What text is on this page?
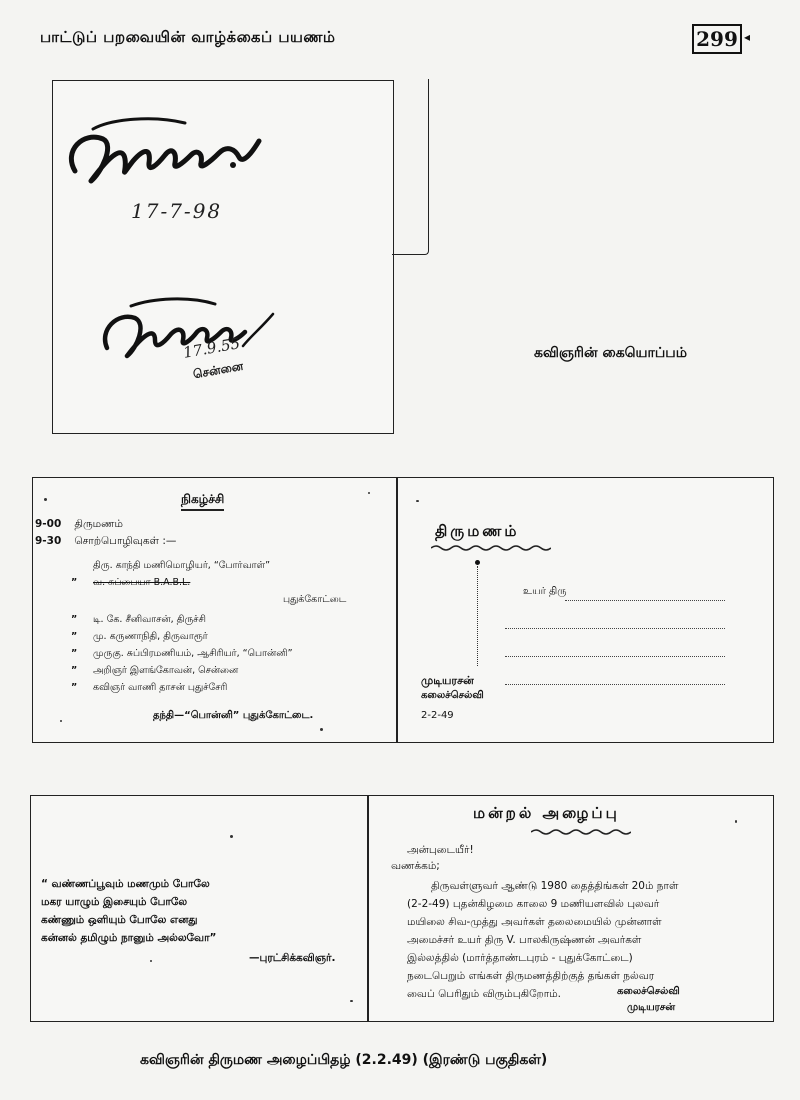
பாட்டுப் பறவையின் வாழ்க்கைப் பயணம்	299 ◂
17-7-98
17.9.55
சென்னை
கவிஞரின் கையொப்பம்
நிகழ்ச்சி
9-00 திருமணம்
9-30 சொற்பொழிவுகள் :—
திரு. காந்தி மணிமொழியர், “போர்வாள்”
” வ. சுப்பையா B.A.B.L.
புதுக்கோட்டை
” டி. கே. சீனிவாசன், திருச்சி
” மு. கருணாநிதி, திருவாரூர்
” முருகு. சுப்பிரமணியம், ஆசிரியர், “பொன்னி”
” அறிஞர் இளங்கோவன், சென்னை
” கவிஞர் வாணி தாசன் புதுச்சேரி
தந்தி—“பொன்னி” புதுக்கோட்டை.
திருமணம்
உயர் திரு
முடியரசன்
கலைச்செல்வி
2-2-49
“ வண்ணப்பூவும் மணமும் போலே
மகர யாழும் இசையும் போலே
கண்ணும் ஒளியும் போலே எனது
கன்னல் தமிழும் நானும் அல்லவோ”
—புரட்சிக்கவிஞர்.
மன்றல் அழைப்பு
அன்புடையீர்!
வணக்கம்;
திருவள்ளுவர் ஆண்டு 1980 தைத்திங்கள் 20ம் நாள்
(2-2-49) புதன்கிழமை காலை 9 மணியளவில் புலவர்
மயிலை சிவ-முத்து அவர்கள் தலைமையில் முன்னாள்
அமைச்சர் உயர் திரு V. பாலகிருஷ்ணன் அவர்கள்
இல்லத்தில் (மார்த்தாண்டபுரம் - புதுக்கோட்டை)
நடைபெறும் எங்கள் திருமணத்திற்குத் தங்கள் நல்வர
வைப் பெரிதும் விரும்புகிறோம்.	கலைச்செல்வி
முடியரசன்
கவிஞரின் திருமண அழைப்பிதழ் (2.2.49) (இரண்டு பகுதிகள்)
